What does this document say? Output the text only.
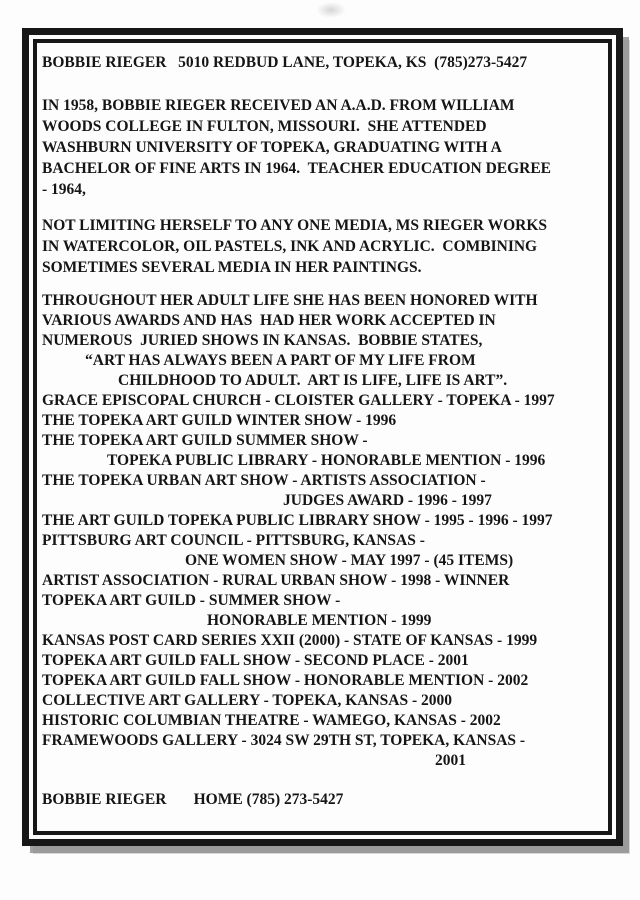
BOBBIE RIEGER   5010 REDBUD LANE, TOPEKA, KS  (785)273-5427
IN 1958, BOBBIE RIEGER RECEIVED AN A.A.D. FROM WILLIAM
WOODS COLLEGE IN FULTON, MISSOURI.  SHE ATTENDED
WASHBURN UNIVERSITY OF TOPEKA, GRADUATING WITH A
BACHELOR OF FINE ARTS IN 1964.  TEACHER EDUCATION DEGREE
- 1964,
NOT LIMITING HERSELF TO ANY ONE MEDIA, MS RIEGER WORKS
IN WATERCOLOR, OIL PASTELS, INK AND ACRYLIC.  COMBINING
SOMETIMES SEVERAL MEDIA IN HER PAINTINGS.
THROUGHOUT HER ADULT LIFE SHE HAS BEEN HONORED WITH
VARIOUS AWARDS AND HAS  HAD HER WORK ACCEPTED IN
NUMEROUS  JURIED SHOWS IN KANSAS.  BOBBIE STATES,
“ART HAS ALWAYS BEEN A PART OF MY LIFE FROM
CHILDHOOD TO ADULT.  ART IS LIFE, LIFE IS ART”.
GRACE EPISCOPAL CHURCH - CLOISTER GALLERY - TOPEKA - 1997
THE TOPEKA ART GUILD WINTER SHOW - 1996
THE TOPEKA ART GUILD SUMMER SHOW -
TOPEKA PUBLIC LIBRARY - HONORABLE MENTION - 1996
THE TOPEKA URBAN ART SHOW - ARTISTS ASSOCIATION -
JUDGES AWARD - 1996 - 1997
THE ART GUILD TOPEKA PUBLIC LIBRARY SHOW - 1995 - 1996 - 1997
PITTSBURG ART COUNCIL - PITTSBURG, KANSAS -
ONE WOMEN SHOW - MAY 1997 - (45 ITEMS)
ARTIST ASSOCIATION - RURAL URBAN SHOW - 1998 - WINNER
TOPEKA ART GUILD - SUMMER SHOW -
HONORABLE MENTION - 1999
KANSAS POST CARD SERIES XXII (2000) - STATE OF KANSAS - 1999
TOPEKA ART GUILD FALL SHOW - SECOND PLACE - 2001
TOPEKA ART GUILD FALL SHOW - HONORABLE MENTION - 2002
COLLECTIVE ART GALLERY - TOPEKA, KANSAS - 2000
HISTORIC COLUMBIAN THEATRE - WAMEGO, KANSAS - 2002
FRAMEWOODS GALLERY - 3024 SW 29TH ST, TOPEKA, KANSAS -
2001
BOBBIE RIEGER       HOME (785) 273-5427
